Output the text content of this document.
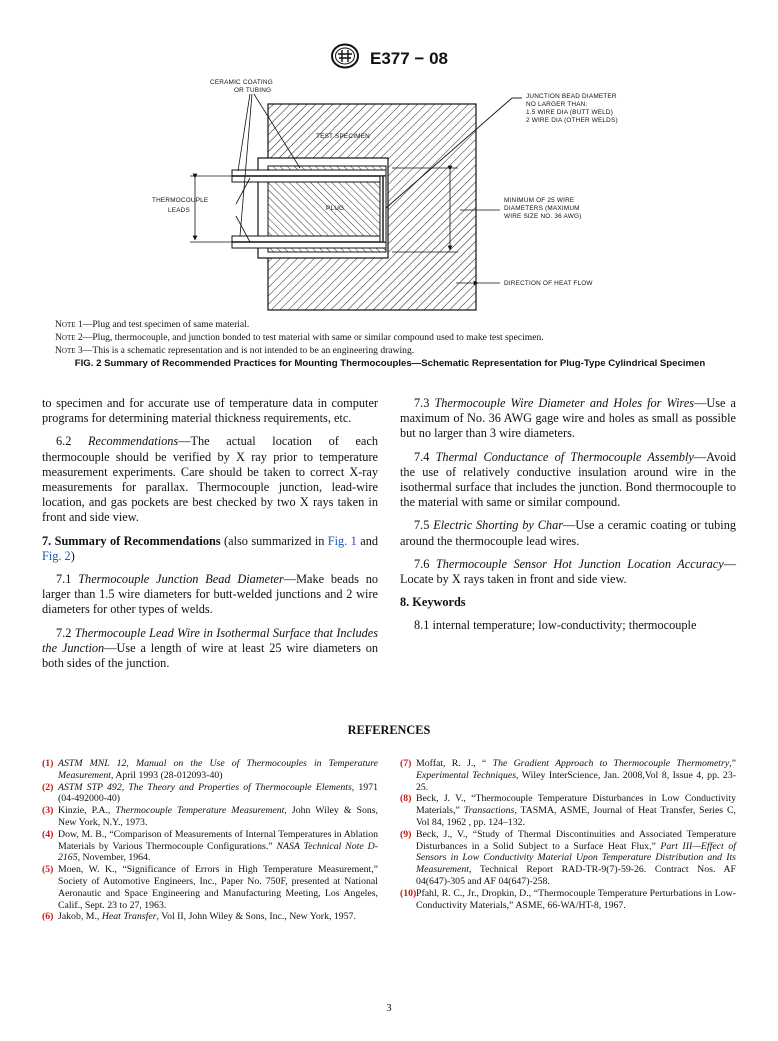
E377 − 08
CERAMIC COATING
OR TUBING
JUNCTION BEAD DIAMETER
NO LARGER THAN:
1.5 WIRE DIA (BUTT WELD)
2 WIRE DIA (OTHER WELDS)
TEST SPECIMEN
THERMOCOUPLE
LEADS	PLUG
MINIMUM OF 25 WIRE
DIAMETERS (MAXIMUM
WIRE SIZE NO. 36 AWG)
DIRECTION OF HEAT FLOW
Note 1—Plug and test specimen of same material.
Note 2—Plug, thermocouple, and junction bonded to test material with same or similar compound used to make test specimen.
Note 3—This is a schematic representation and is not intended to be an engineering drawing.
FIG. 2 Summary of Recommended Practices for Mounting Thermocouples—Schematic Representation for Plug-Type Cylindrical Specimen

to specimen and for accurate use of temperature data in computer programs for determining material thickness requirements, etc.

6.2 Recommendations—The actual location of each thermocouple should be verified by X ray prior to temperature measurement experiments. Care should be taken to correct X-ray measurements for parallax. Thermocouple junction, lead-wire location, and gas pockets are best checked by two X rays taken in front and side view.

7. Summary of Recommendations (also summarized in Fig. 1 and Fig. 2)

7.1 Thermocouple Junction Bead Diameter—Make beads no larger than 1.5 wire diameters for butt-welded junctions and 2 wire diameters for other types of welds.

7.2 Thermocouple Lead Wire in Isothermal Surface that Includes the Junction—Use a length of wire at least 25 wire diameters on both sides of the junction.

7.3 Thermocouple Wire Diameter and Holes for Wires—Use a maximum of No. 36 AWG gage wire and holes as small as possible but no larger than 3 wire diameters.

7.4 Thermal Conductance of Thermocouple Assembly—Avoid the use of relatively conductive insulation around wire in the isothermal surface that includes the junction. Bond thermocouple to the material with same or similar compound.

7.5 Electric Shorting by Char—Use a ceramic coating or tubing around the thermocouple lead wires.

7.6 Thermocouple Sensor Hot Junction Location Accuracy—Locate by X rays taken in front and side view.

8. Keywords

8.1 internal temperature; low-conductivity; thermocouple

REFERENCES
(1) ASTM MNL 12, Manual on the Use of Thermocouples in Temperature Measurement, April 1993 (28-012093-40)
(2) ASTM STP 492, The Theory and Properties of Thermocouple Elements, 1971 (04-492000-40)
(3) Kinzie, P.A., Thermocouple Temperature Measurement, John Wiley & Sons, New York, N.Y., 1973.
(4) Dow, M. B., “Comparison of Measurements of Internal Temperatures in Ablation Materials by Various Thermocouple Configurations.” NASA Technical Note D-2165, November, 1964.
(5) Moen, W. K., “Significance of Errors in High Temperature Measurement,” Society of Automotive Engineers, Inc., Paper No. 750F, presented at National Aeronautic and Space Engineering and Manufacturing Meeting, Los Angeles, Calif., Sept. 23 to 27, 1963.
(6) Jakob, M., Heat Transfer, Vol II, John Wiley & Sons, Inc., New York, 1957.
(7) Moffat, R. J., “ The Gradient Approach to Thermocouple Thermometry,” Experimental Techniques, Wiley InterScience, Jan. 2008,Vol 8, Issue 4, pp. 23-25.
(8) Beck, J. V., “Thermocouple Temperature Disturbances in Low Conductivity Materials,” Transactions, TASMA, ASME, Journal of Heat Transfer, Series C, Vol 84, 1962 , pp. 124–132.
(9) Beck, J., V., “Study of Thermal Discontinuities and Associated Temperature Disturbances in a Solid Subject to a Surface Heat Flux,” Part III—Effect of Sensors in Low Conductivity Material Upon Temperature Distribution and Its Measurement, Technical Report RAD-TR-9(7)-59-26. Contract Nos. AF 04(647)-305 and AF 04(647)-258.
(10) Pfahl, R. C., Jr., Dropkin, D., “Thermocouple Temperature Perturbations in Low-Conductivity Materials,” ASME, 66-WA/HT-8, 1967.
3
